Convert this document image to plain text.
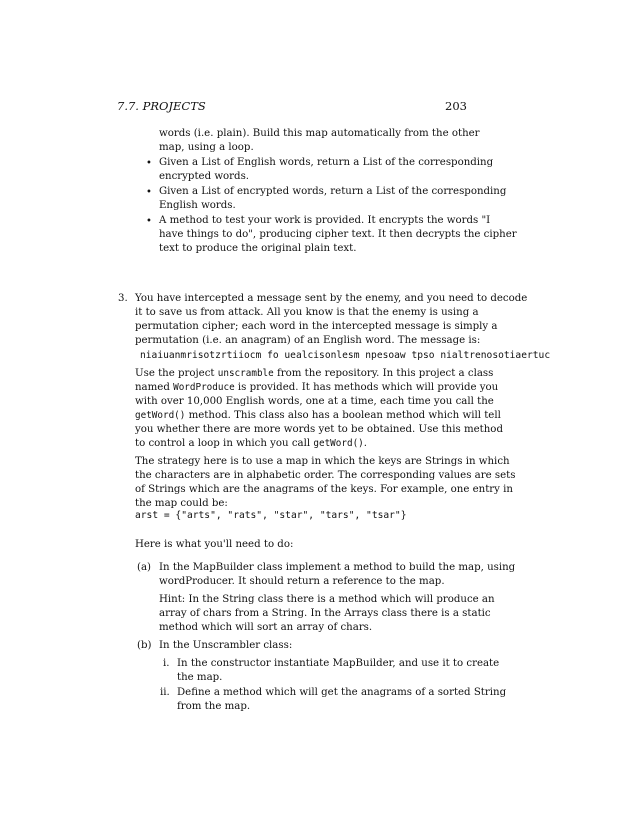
7.7. PROJECTS	203
words (i.e. plain). Build this map automatically from the other
map, using a loop.
• Given a List of English words, return a List of the corresponding
encrypted words.
• Given a List of encrypted words, return a List of the corresponding
English words.
• A method to test your work is provided. It encrypts the words "I
have things to do", producing cipher text. It then decrypts the cipher
text to produce the original plain text.
3. You have intercepted a message sent by the enemy, and you need to decode
it to save us from attack. All you know is that the enemy is using a
permutation cipher; each word in the intercepted message is simply a
permutation (i.e. an anagram) of an English word. The message is:
niaiuanmrisotzrtiiocm fo uealcisonlesm npesoaw tpso nialtrenosotiaertuc
Use the project unscramble from the repository. In this project a class
named WordProduce is provided. It has methods which will provide you
with over 10,000 English words, one at a time, each time you call the
getWord() method. This class also has a boolean method which will tell
you whether there are more words yet to be obtained. Use this method
to control a loop in which you call getWord().
The strategy here is to use a map in which the keys are Strings in which
the characters are in alphabetic order. The corresponding values are sets
of Strings which are the anagrams of the keys. For example, one entry in
the map could be:
arst = {"arts", "rats", "star", "tars", "tsar"}
Here is what you'll need to do:
(a) In the MapBuilder class implement a method to build the map, using
wordProducer. It should return a reference to the map.
Hint: In the String class there is a method which will produce an
array of chars from a String. In the Arrays class there is a static
method which will sort an array of chars.
(b) In the Unscrambler class:
i. In the constructor instantiate MapBuilder, and use it to create
the map.
ii. Define a method which will get the anagrams of a sorted String
from the map.
